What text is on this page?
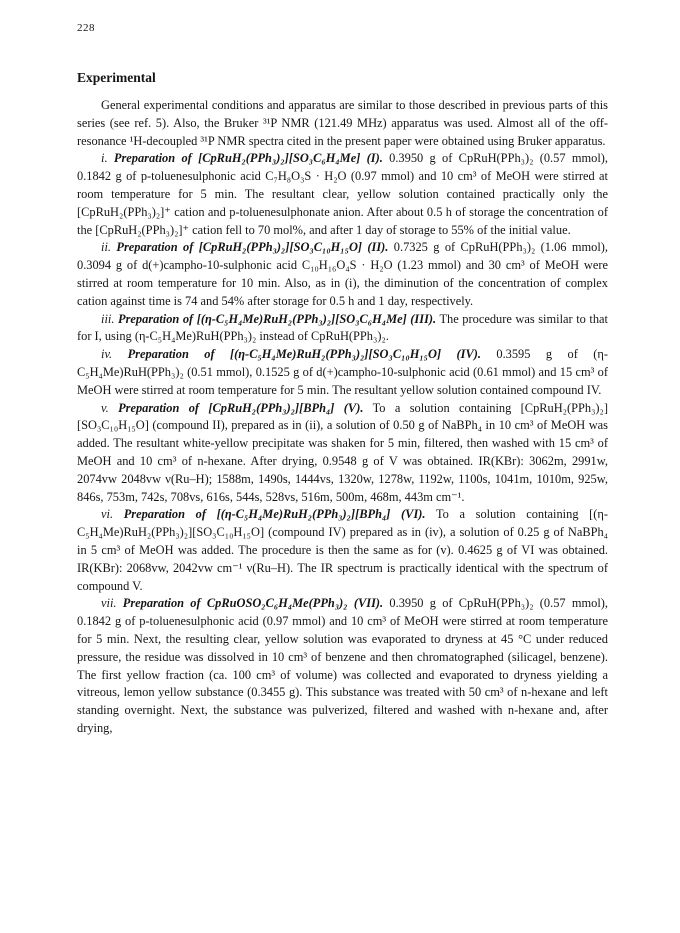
228
Experimental

General experimental conditions and apparatus are similar to those described in previous parts of this series (see ref. 5). Also, the Bruker ³¹P NMR (121.49 MHz) apparatus was used. Almost all of the off-resonance ¹H-decoupled ³¹P NMR spectra cited in the present paper were obtained using Bruker apparatus.

i. Preparation of [CpRuH₂(PPh₃)₂][SO₃C₆H₄Me] (I). 0.3950 g of CpRuH(PPh₃)₂ (0.57 mmol), 0.1842 g of p-toluenesulphonic acid C₇H₈O₃S · H₂O (0.97 mmol) and 10 cm³ of MeOH were stirred at room temperature for 5 min. The resultant clear, yellow solution contained practically only the [CpRuH₂(PPh₃)₂]⁺ cation and p-toluenesulphonate anion. After about 0.5 h of storage the concentration of the [CpRuH₂(PPh₃)₂]⁺ cation fell to 70 mol%, and after 1 day of storage to 55% of the initial value.

ii. Preparation of [CpRuH₂(PPh₃)₂][SO₃C₁₀H₁₅O] (II). 0.7325 g of CpRuH(PPh₃)₂ (1.06 mmol), 0.3094 g of d(+)campho-10-sulphonic acid C₁₀H₁₆O₄S · H₂O (1.23 mmol) and 30 cm³ of MeOH were stirred at room temperature for 10 min. Also, as in (i), the diminution of the concentration of complex cation against time is 74 and 54% after storage for 0.5 h and 1 day, respectively.

iii. Preparation of [(η-C₅H₄Me)RuH₂(PPh₃)₂][SO₃C₆H₄Me] (III). The procedure was similar to that for I, using (η-C₅H₄Me)RuH(PPh₃)₂ instead of CpRuH(PPh₃)₂.

iv. Preparation of [(η-C₅H₄Me)RuH₂(PPh₃)₂][SO₃C₁₀H₁₅O] (IV). 0.3595 g of (η-C₅H₄Me)RuH(PPh₃)₂ (0.51 mmol), 0.1525 g of d(+)campho-10-sulphonic acid (0.61 mmol) and 15 cm³ of MeOH were stirred at room temperature for 5 min. The resultant yellow solution contained compound IV.

v. Preparation of [CpRuH₂(PPh₃)₂][BPh₄] (V). To a solution containing [CpRuH₂(PPh₃)₂][SO₃C₁₀H₁₅O] (compound II), prepared as in (ii), a solution of 0.50 g of NaBPh₄ in 10 cm³ of MeOH was added. The resultant white-yellow precipitate was shaken for 5 min, filtered, then washed with 15 cm³ of MeOH and 10 cm³ of n-hexane. After drying, 0.9548 g of V was obtained. IR(KBr): 3062m, 2991w, 2074vw 2048vw ν(Ru–H); 1588m, 1490s, 1444vs, 1320w, 1278w, 1192w, 1100s, 1041m, 1010m, 925w, 846s, 753m, 742s, 708vs, 616s, 544s, 528vs, 516m, 500m, 468m, 443m cm⁻¹.

vi. Preparation of [(η-C₅H₄Me)RuH₂(PPh₃)₂][BPh₄] (VI). To a solution containing [(η-C₅H₄Me)RuH₂(PPh₃)₂][SO₃C₁₀H₁₅O] (compound IV) prepared as in (iv), a solution of 0.25 g of NaBPh₄ in 5 cm³ of MeOH was added. The procedure is then the same as for (v). 0.4625 g of VI was obtained. IR(KBr): 2068vw, 2042vw cm⁻¹ ν(Ru–H). The IR spectrum is practically identical with the spectrum of compound V.

vii. Preparation of CpRuOSO₂C₆H₄Me(PPh₃)₂ (VII). 0.3950 g of CpRuH(PPh₃)₂ (0.57 mmol), 0.1842 g of p-toluenesulphonic acid (0.97 mmol) and 10 cm³ of MeOH were stirred at room temperature for 5 min. Next, the resulting clear, yellow solution was evaporated to dryness at 45 °C under reduced pressure, the residue was dissolved in 10 cm³ of benzene and then chromatographed (silicagel, benzene). The first yellow fraction (ca. 100 cm³ of volume) was collected and evaporated to dryness yielding a vitreous, lemon yellow substance (0.3455 g). This substance was treated with 50 cm³ of n-hexane and left standing overnight. Next, the substance was pulverized, filtered and washed with n-hexane and, after drying,
